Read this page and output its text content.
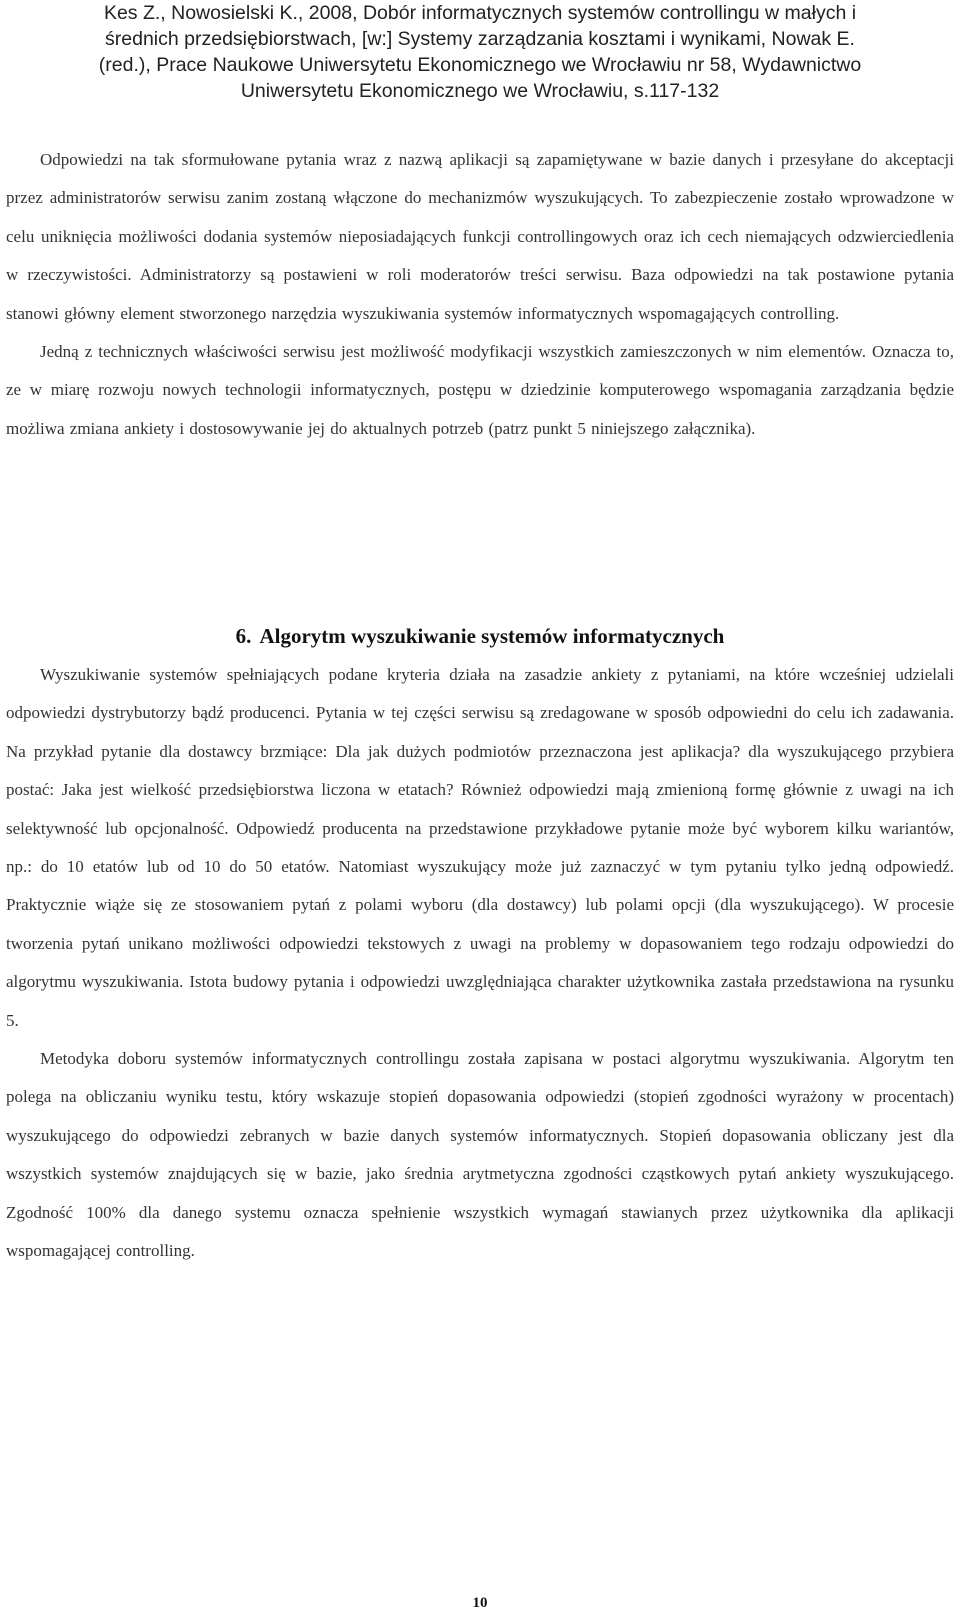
Kes Z., Nowosielski K., 2008, Dobór informatycznych systemów controllingu w małych i
średnich przedsiębiorstwach, [w:] Systemy zarządzania kosztami i wynikami, Nowak E.
(red.), Prace Naukowe Uniwersytetu Ekonomicznego we Wrocławiu nr 58, Wydawnictwo
Uniwersytetu Ekonomicznego we Wrocławiu, s.117-132

Odpowiedzi na tak sformułowane pytania wraz z nazwą aplikacji są zapamiętywane w bazie danych i przesyłane do akceptacji przez administratorów serwisu zanim zostaną włączone do mechanizmów wyszukujących. To zabezpieczenie zostało wprowadzone w celu uniknięcia możliwości dodania systemów nieposiadających funkcji controllingowych oraz ich cech niemających odzwierciedlenia w rzeczywistości. Administratorzy są postawieni w roli moderatorów treści serwisu. Baza odpowiedzi na tak postawione pytania stanowi główny element stworzonego narzędzia wyszukiwania systemów informatycznych wspomagających controlling.

Jedną z technicznych właściwości serwisu jest możliwość modyfikacji wszystkich zamieszczonych w nim elementów. Oznacza to, ze w miarę rozwoju nowych technologii informatycznych, postępu w dziedzinie komputerowego wspomagania zarządzania będzie możliwa zmiana ankiety i dostosowywanie jej do aktualnych potrzeb (patrz punkt 5 niniejszego załącznika).

6. Algorytm wyszukiwanie systemów informatycznych

Wyszukiwanie systemów spełniających podane kryteria działa na zasadzie ankiety z pytaniami, na które wcześniej udzielali odpowiedzi dystrybutorzy bądź producenci. Pytania w tej części serwisu są zredagowane w sposób odpowiedni do celu ich zadawania. Na przykład pytanie dla dostawcy brzmiące: Dla jak dużych podmiotów przeznaczona jest aplikacja? dla wyszukującego przybiera postać: Jaka jest wielkość przedsiębiorstwa liczona w etatach? Również odpowiedzi mają zmienioną formę głównie z uwagi na ich selektywność lub opcjonalność. Odpowiedź producenta na przedstawione przykładowe pytanie może być wyborem kilku wariantów, np.: do 10 etatów lub od 10 do 50 etatów. Natomiast wyszukujący może już zaznaczyć w tym pytaniu tylko jedną odpowiedź. Praktycznie wiąże się ze stosowaniem pytań z polami wyboru (dla dostawcy) lub polami opcji (dla wyszukującego). W procesie tworzenia pytań unikano możliwości odpowiedzi tekstowych z uwagi na problemy w dopasowaniem tego rodzaju odpowiedzi do algorytmu wyszukiwania. Istota budowy pytania i odpowiedzi uwzględniająca charakter użytkownika zastała przedstawiona na rysunku 5.

Metodyka doboru systemów informatycznych controllingu została zapisana w postaci algorytmu wyszukiwania. Algorytm ten polega na obliczaniu wyniku testu, który wskazuje stopień dopasowania odpowiedzi (stopień zgodności wyrażony w procentach) wyszukującego do odpowiedzi zebranych w bazie danych systemów informatycznych. Stopień dopasowania obliczany jest dla wszystkich systemów znajdujących się w bazie, jako średnia arytmetyczna zgodności cząstkowych pytań ankiety wyszukującego. Zgodność 100% dla danego systemu oznacza spełnienie wszystkich wymagań stawianych przez użytkownika dla aplikacji wspomagającej controlling.

10
